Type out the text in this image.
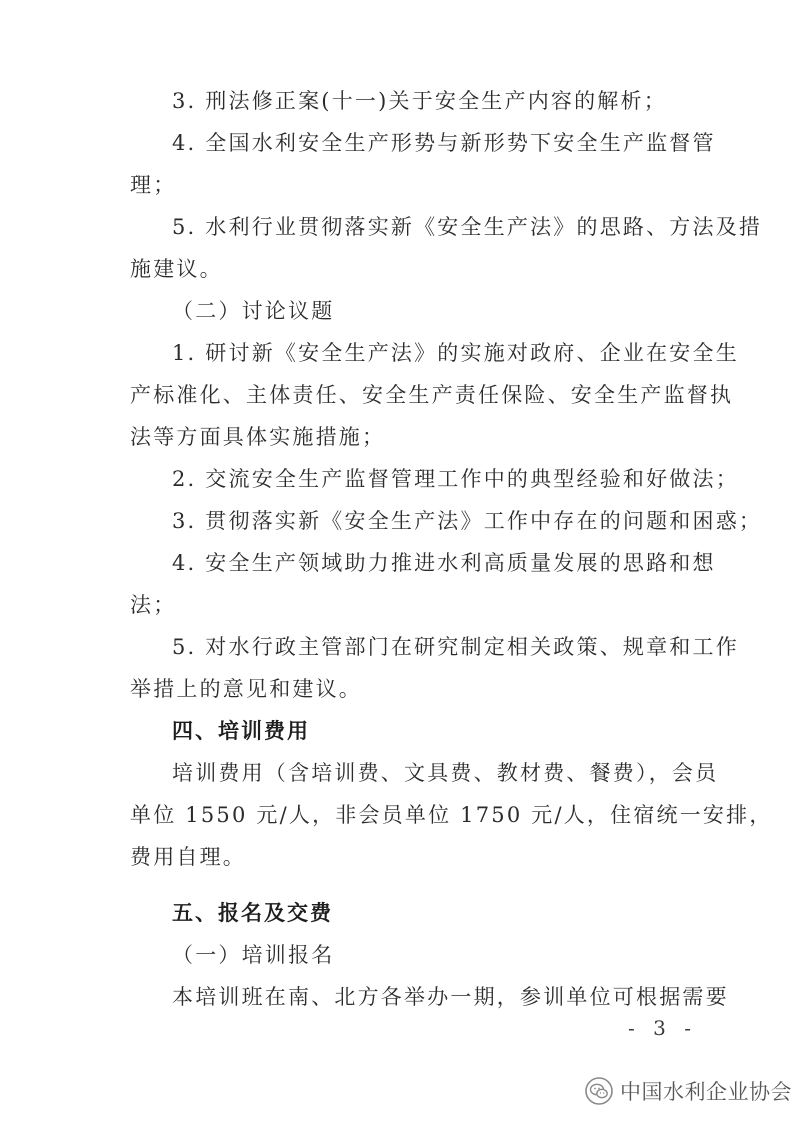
3. 刑法修正案(十一)关于安全生产内容的解析；
4. 全国水利安全生产形势与新形势下安全生产监督管
理；
5. 水利行业贯彻落实新《安全生产法》的思路、方法及措
施建议。
（二）讨论议题
1. 研讨新《安全生产法》的实施对政府、企业在安全生
产标准化、主体责任、安全生产责任保险、安全生产监督执
法等方面具体实施措施；
2. 交流安全生产监督管理工作中的典型经验和好做法；
3. 贯彻落实新《安全生产法》工作中存在的问题和困惑；
4. 安全生产领域助力推进水利高质量发展的思路和想
法；
5. 对水行政主管部门在研究制定相关政策、规章和工作
举措上的意见和建议。
四、培训费用
培训费用（含培训费、文具费、教材费、餐费），会员
单位 1550 元/人，非会员单位 1750 元/人，住宿统一安排，
费用自理。
五、报名及交费
（一）培训报名
本培训班在南、北方各举办一期，参训单位可根据需要
- 3 -
中国水利企业协会
